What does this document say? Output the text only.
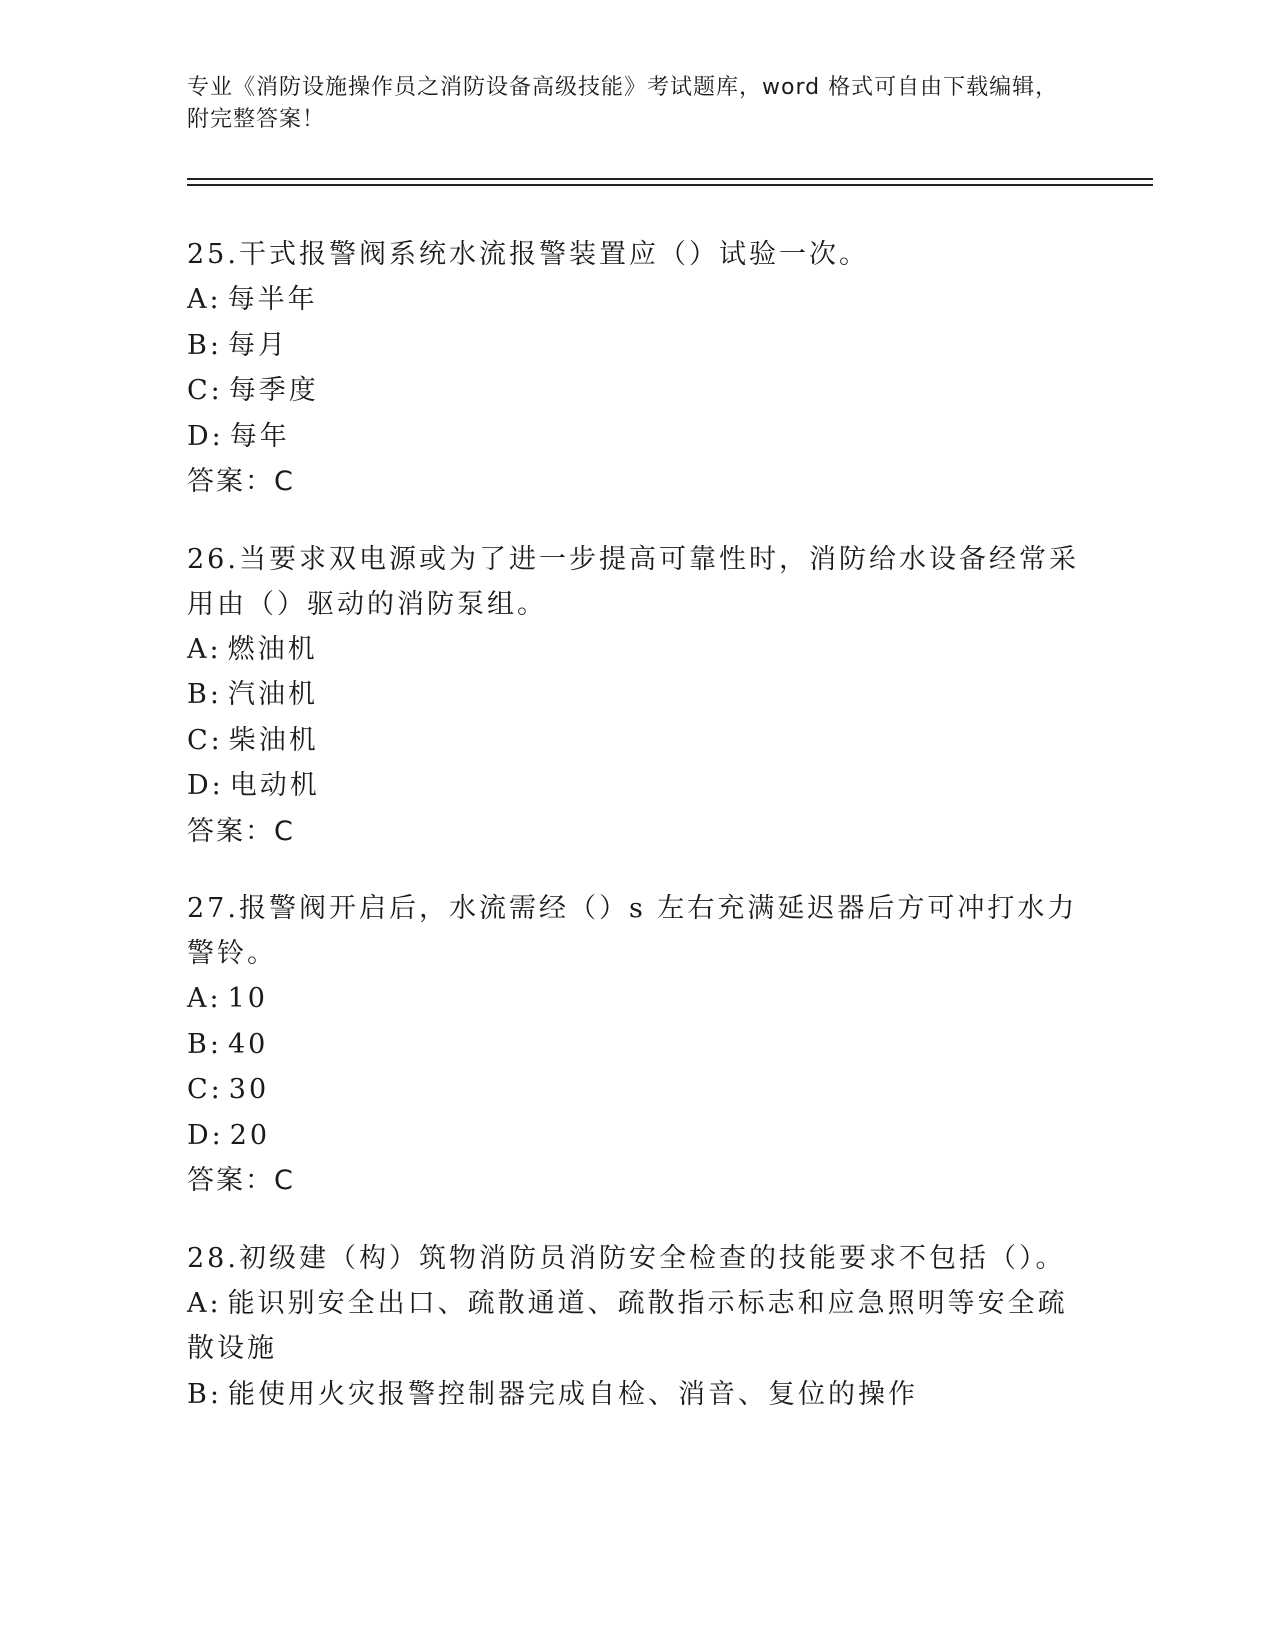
专业《消防设施操作员之消防设备高级技能》考试题库，word 格式可自由下载编辑，附完整答案！

25.干式报警阀系统水流报警装置应（）试验一次。

A: 每半年

B: 每月

C: 每季度

D: 每年

答案：C

26.当要求双电源或为了进一步提高可靠性时，消防给水设备经常采用由（）驱动的消防泵组。

A: 燃油机

B: 汽油机

C: 柴油机

D: 电动机

答案：C

27.报警阀开启后，水流需经（）s 左右充满延迟器后方可冲打水力警铃。

A: 10

B: 40

C: 30

D: 20

答案：C

28.初级建（构）筑物消防员消防安全检查的技能要求不包括（）。

A: 能识别安全出口、疏散通道、疏散指示标志和应急照明等安全疏散设施

B: 能使用火灾报警控制器完成自检、消音、复位的操作
